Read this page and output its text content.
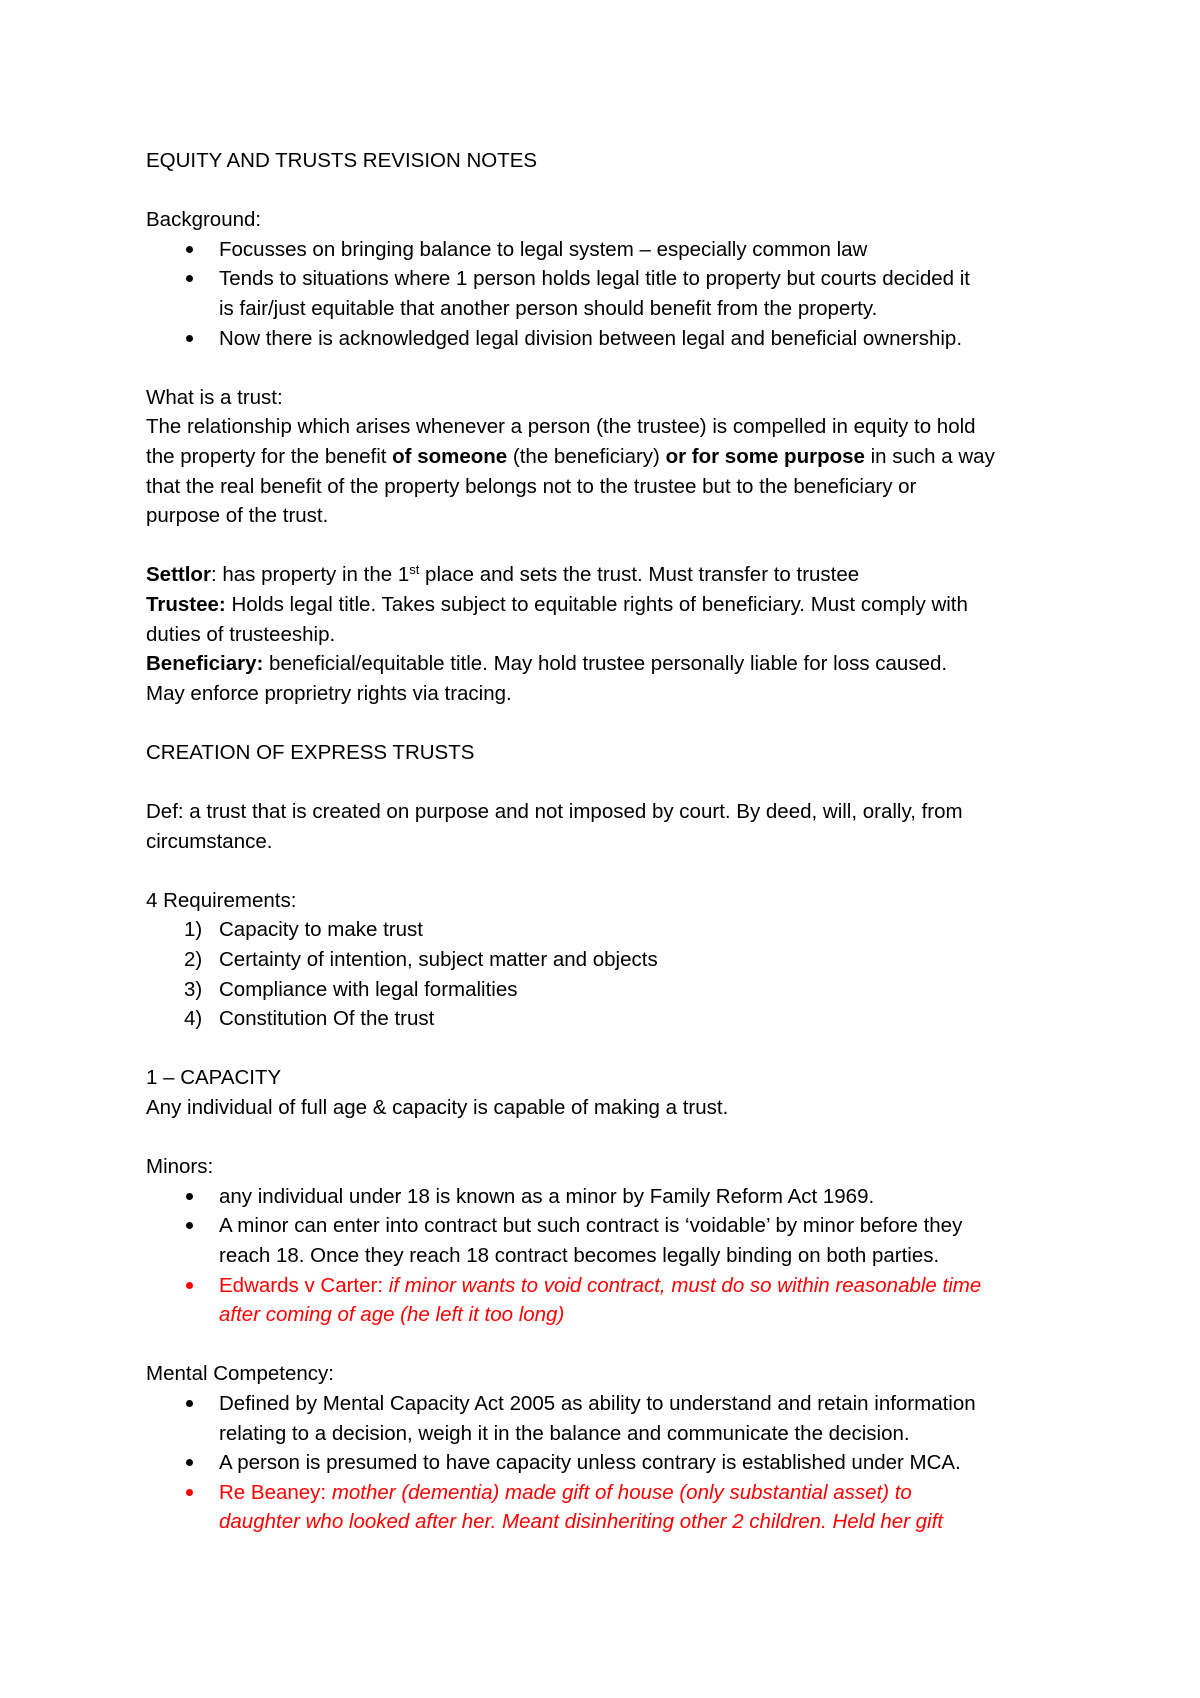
EQUITY AND TRUSTS REVISION NOTES

Background:

Focusses on bringing balance to legal system – especially common law
Tends to situations where 1 person holds legal title to property but courts decided it
is fair/just equitable that another person should benefit from the property.
Now there is acknowledged legal division between legal and beneficial ownership.

What is a trust:

The relationship which arises whenever a person (the trustee) is compelled in equity to hold

the property for the benefit of someone (the beneficiary) or for some purpose in such a way

that the real benefit of the property belongs not to the trustee but to the beneficiary or

purpose of the trust.

Settlor: has property in the 1st place and sets the trust. Must transfer to trustee

Trustee: Holds legal title. Takes subject to equitable rights of beneficiary. Must comply with

duties of trusteeship.

Beneficiary: beneficial/equitable title. May hold trustee personally liable for loss caused.

May enforce proprietry rights via tracing.

CREATION OF EXPRESS TRUSTS

Def: a trust that is created on purpose and not imposed by court. By deed, will, orally, from

circumstance.

4 Requirements:

1) Capacity to make trust
2) Certainty of intention, subject matter and objects
3) Compliance with legal formalities
4) Constitution Of the trust

1 – CAPACITY

Any individual of full age & capacity is capable of making a trust.

Minors:

any individual under 18 is known as a minor by Family Reform Act 1969.
A minor can enter into contract but such contract is ‘voidable’ by minor before they
reach 18. Once they reach 18 contract becomes legally binding on both parties.
Edwards v Carter: if minor wants to void contract, must do so within reasonable time
after coming of age (he left it too long)

Mental Competency:

Defined by Mental Capacity Act 2005 as ability to understand and retain information
relating to a decision, weigh it in the balance and communicate the decision.
A person is presumed to have capacity unless contrary is established under MCA.
Re Beaney: mother (dementia) made gift of house (only substantial asset) to
daughter who looked after her. Meant disinheriting other 2 children. Held her gift
